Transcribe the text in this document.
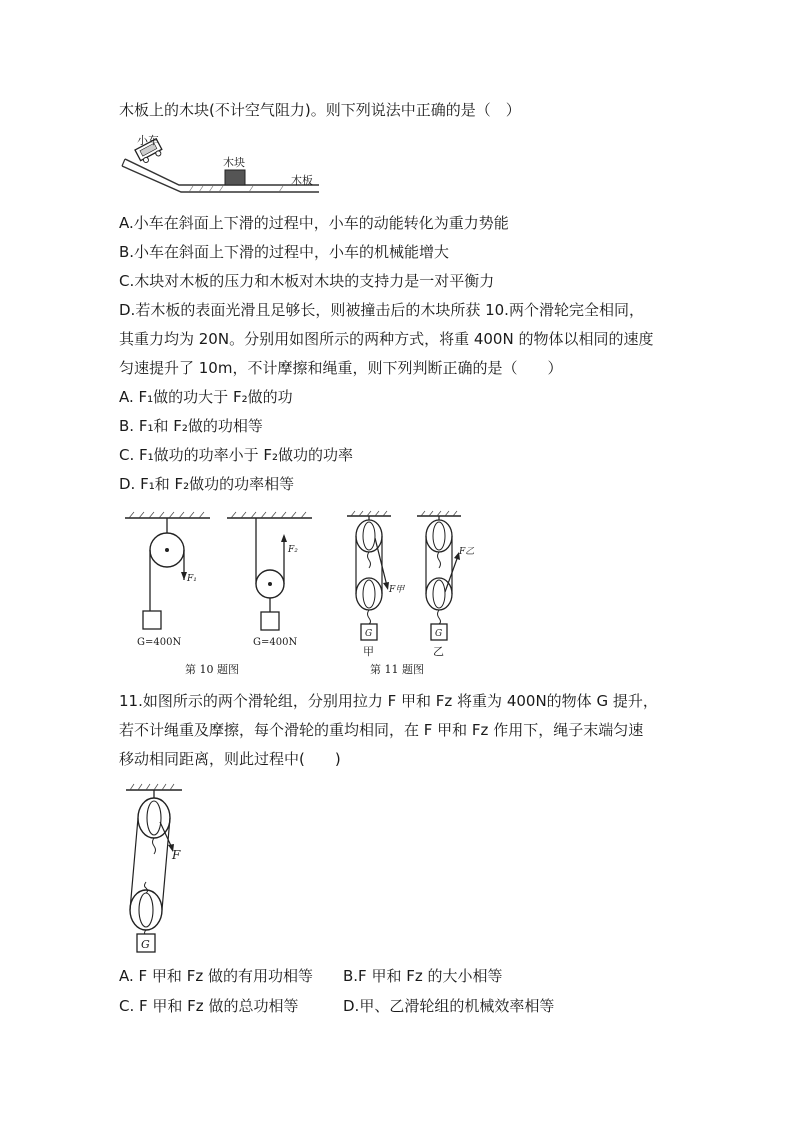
木板上的木块(不计空气阻力)。则下列说法中正确的是（　）
小车
木块
木板
A.小车在斜面上下滑的过程中，小车的动能转化为重力势能
B.小车在斜面上下滑的过程中，小车的机械能增大
C.木块对木板的压力和木板对木块的支持力是一对平衡力
D.若木板的表面光滑且足够长，则被撞击后的木块所获 10.两个滑轮完全相同，
其重力均为 20N。分别用如图所示的两种方式，将重 400N 的物体以相同的速度
匀速提升了 10m，不计摩擦和绳重，则下列判断正确的是（　　）
A. F₁做的功大于 F₂做的功
B. F₁和 F₂做的功相等
C. F₁做功的功率小于 F₂做功的功率
D. F₁和 F₂做功的功率相等
F₁
G=400N
F₂
G=400N
第 10 题图
F甲
G
甲
F乙
G
乙
第 11 题图
11.如图所示的两个滑轮组，分别用拉力 F 甲和 Fz 将重为 400N的物体 G 提升，
若不计绳重及摩擦，每个滑轮的重均相同，在 F 甲和 Fz 作用下，绳子末端匀速
移动相同距离，则此过程中(　　)
F
G
A. F 甲和 Fz 做的有用功相等 B.F 甲和 Fz 的大小相等
C. F 甲和 Fz 做的总功相等	D.甲、乙滑轮组的机械效率相等
